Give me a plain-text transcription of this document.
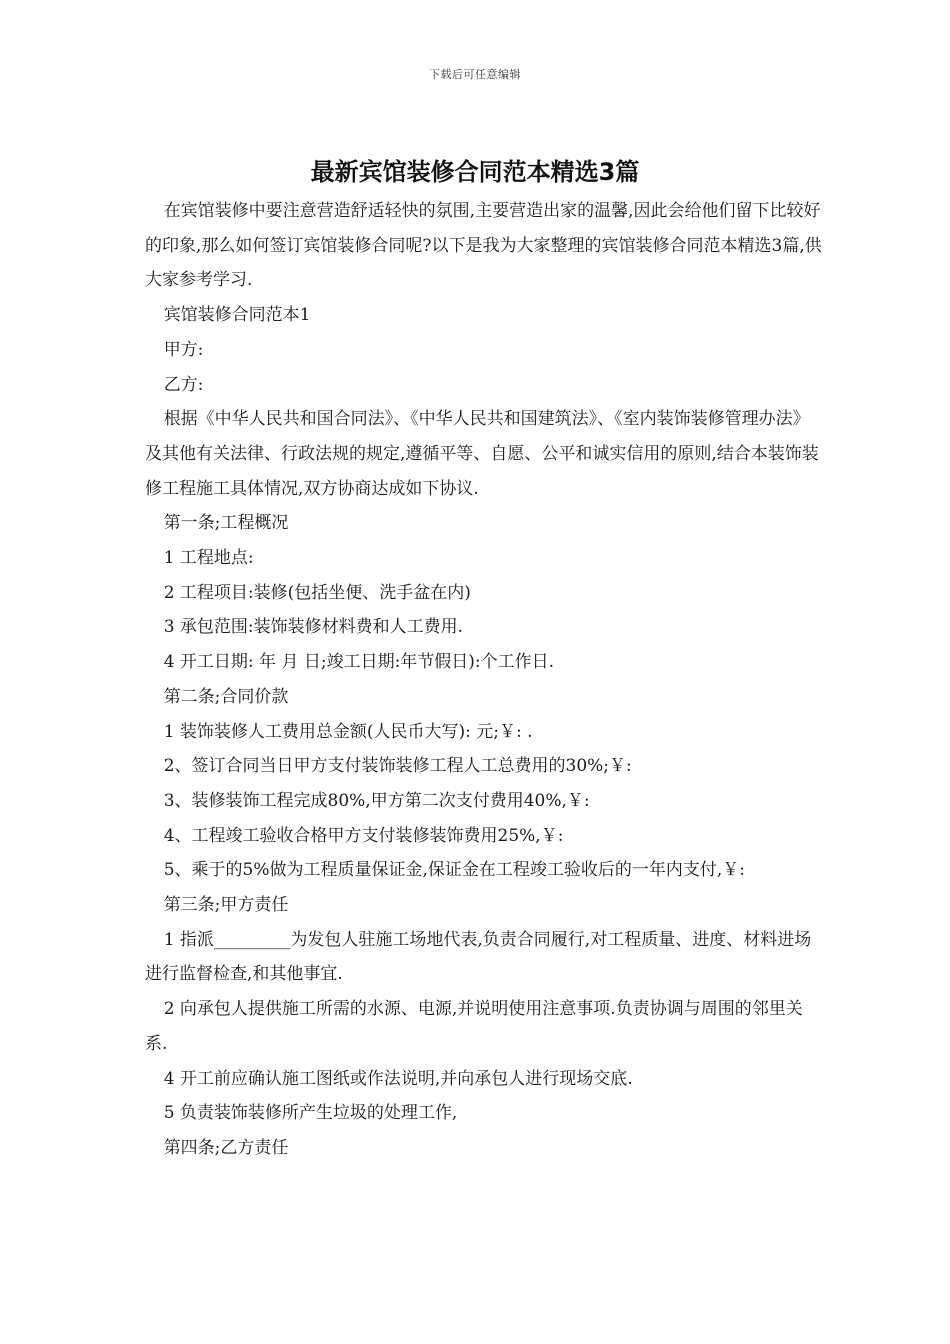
下载后可任意编辑
最新宾馆装修合同范本精选3篇

在宾馆装修中要注意营造舒适轻快的氛围,主要营造出家的温馨,因此会给他们留下比较好的印象,那么如何签订宾馆装修合同呢?以下是我为大家整理的宾馆装修合同范本精选3篇,供大家参考学习.

宾馆装修合同范本1

甲方:

乙方:

根据《中华人民共和国合同法》、《中华人民共和国建筑法》、《室内装饰装修管理办法》及其他有关法律、行政法规的规定,遵循平等、自愿、公平和诚实信用的原则,结合本装饰装修工程施工具体情况,双方协商达成如下协议.

第一条;工程概况

1 工程地点:

2 工程项目:装修(包括坐便、洗手盆在内)

3 承包范围:装饰装修材料费和人工费用.

4 开工日期: 年 月 日;竣工日期:年节假日):个工作日.

第二条;合同价款

1 装饰装修人工费用总金额(人民币大写): 元;￥: .

2、签订合同当日甲方支付装饰装修工程人工总费用的30%;￥:

3、装修装饰工程完成80%,甲方第二次支付费用40%,￥:

4、工程竣工验收合格甲方支付装修装饰费用25%,￥:

5、乘于的5%做为工程质量保证金,保证金在工程竣工验收后的一年内支付,￥:

第三条;甲方责任

1 指派_________为发包人驻施工场地代表,负责合同履行,对工程质量、进度、材料进场进行监督检查,和其他事宜.

2 向承包人提供施工所需的水源、电源,并说明使用注意事项.负责协调与周围的邻里关系.

4 开工前应确认施工图纸或作法说明,并向承包人进行现场交底.

5 负责装饰装修所产生垃圾的处理工作,

第四条;乙方责任
